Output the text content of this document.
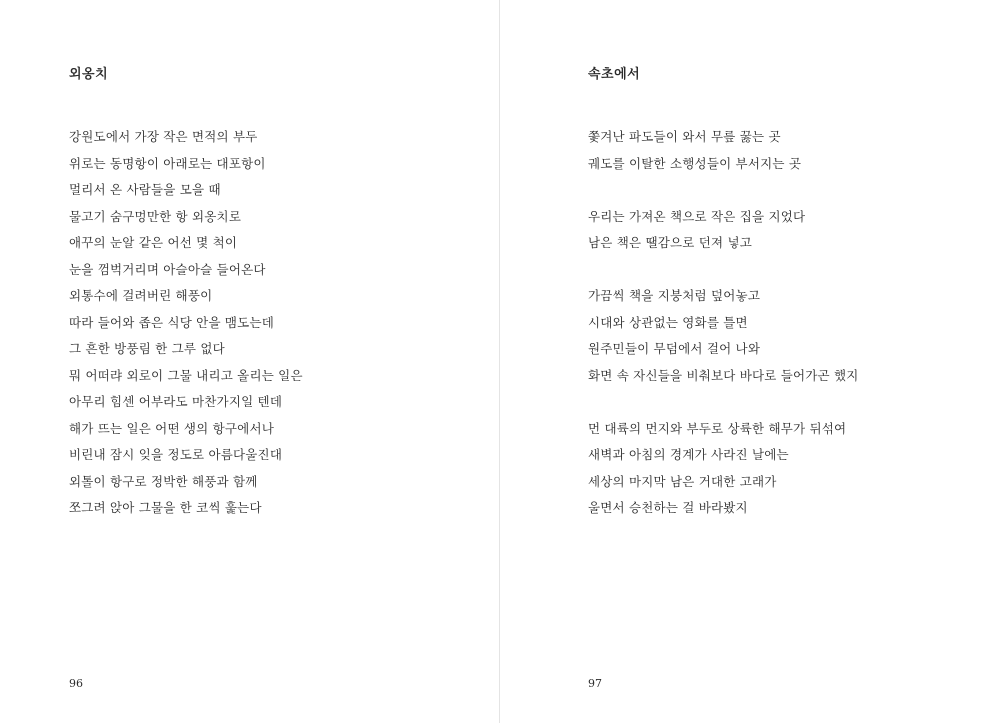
외옹치
강원도에서 가장 작은 면적의 부두
위로는 동명항이 아래로는 대포항이
멀리서 온 사람들을 모을 때
물고기 숨구멍만한 항 외옹치로
애꾸의 눈알 같은 어선 몇 척이
눈을 껌벅거리며 아슬아슬 들어온다
외통수에 걸려버린 해풍이
따라 들어와 좁은 식당 안을 맴도는데
그 흔한 방풍림 한 그루 없다
뭐 어떠랴 외로이 그물 내리고 올리는 일은
아무리 힘센 어부라도 마찬가지일 텐데
해가 뜨는 일은 어떤 생의 항구에서나
비린내 잠시 잊을 정도로 아름다울진대
외톨이 항구로 정박한 해풍과 함께
쪼그려 앉아 그물을 한 코씩 훑는다
96
속초에서
쫓겨난 파도들이 와서 무릎 꿇는 곳
궤도를 이탈한 소행성들이 부서지는 곳
우리는 가져온 책으로 작은 집을 지었다
남은 책은 땔감으로 던져 넣고
가끔씩 책을 지붕처럼 덮어놓고
시대와 상관없는 영화를 틀면
원주민들이 무덤에서 걸어 나와
화면 속 자신들을 비춰보다 바다로 들어가곤 했지
먼 대륙의 먼지와 부두로 상륙한 해무가 뒤섞여
새벽과 아침의 경계가 사라진 날에는
세상의 마지막 남은 거대한 고래가
울면서 승천하는 걸 바라봤지
97
